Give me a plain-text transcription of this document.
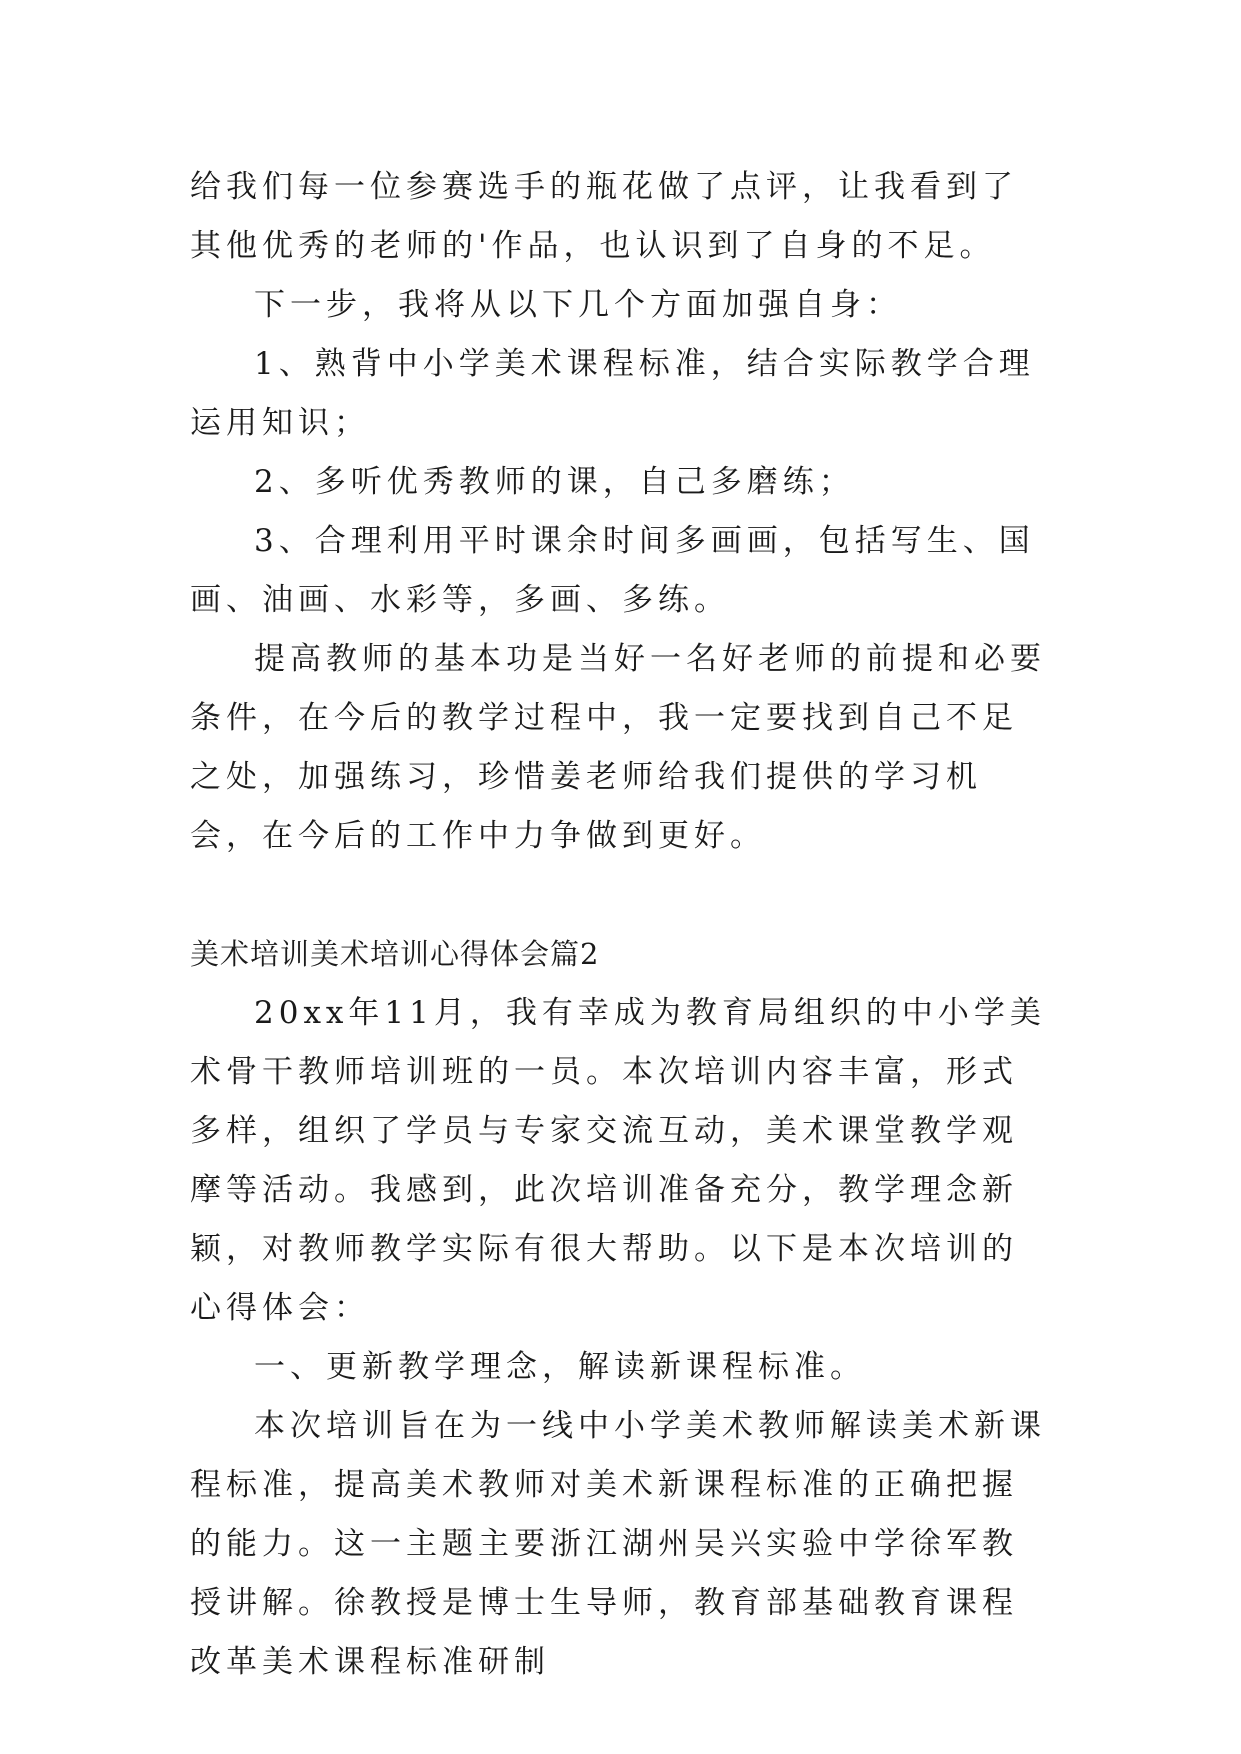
给我们每一位参赛选手的瓶花做了点评，让我看到了其他优秀的老师的'作品，也认识到了自身的不足。

下一步，我将从以下几个方面加强自身：

1、熟背中小学美术课程标准，结合实际教学合理运用知识；

2、多听优秀教师的课，自己多磨练；

3、合理利用平时课余时间多画画，包括写生、国画、油画、水彩等，多画、多练。

提高教师的基本功是当好一名好老师的前提和必要条件，在今后的教学过程中，我一定要找到自己不足之处，加强练习，珍惜姜老师给我们提供的学习机会，在今后的工作中力争做到更好。

美术培训美术培训心得体会篇2

20xx年11月，我有幸成为教育局组织的中小学美术骨干教师培训班的一员。本次培训内容丰富，形式多样，组织了学员与专家交流互动，美术课堂教学观摩等活动。我感到，此次培训准备充分，教学理念新颖，对教师教学实际有很大帮助。以下是本次培训的心得体会：

一、更新教学理念，解读新课程标准。

本次培训旨在为一线中小学美术教师解读美术新课程标准，提高美术教师对美术新课程标准的正确把握的能力。这一主题主要浙江湖州吴兴实验中学徐军教授讲解。徐教授是博士生导师，教育部基础教育课程改革美术课程标准研制
